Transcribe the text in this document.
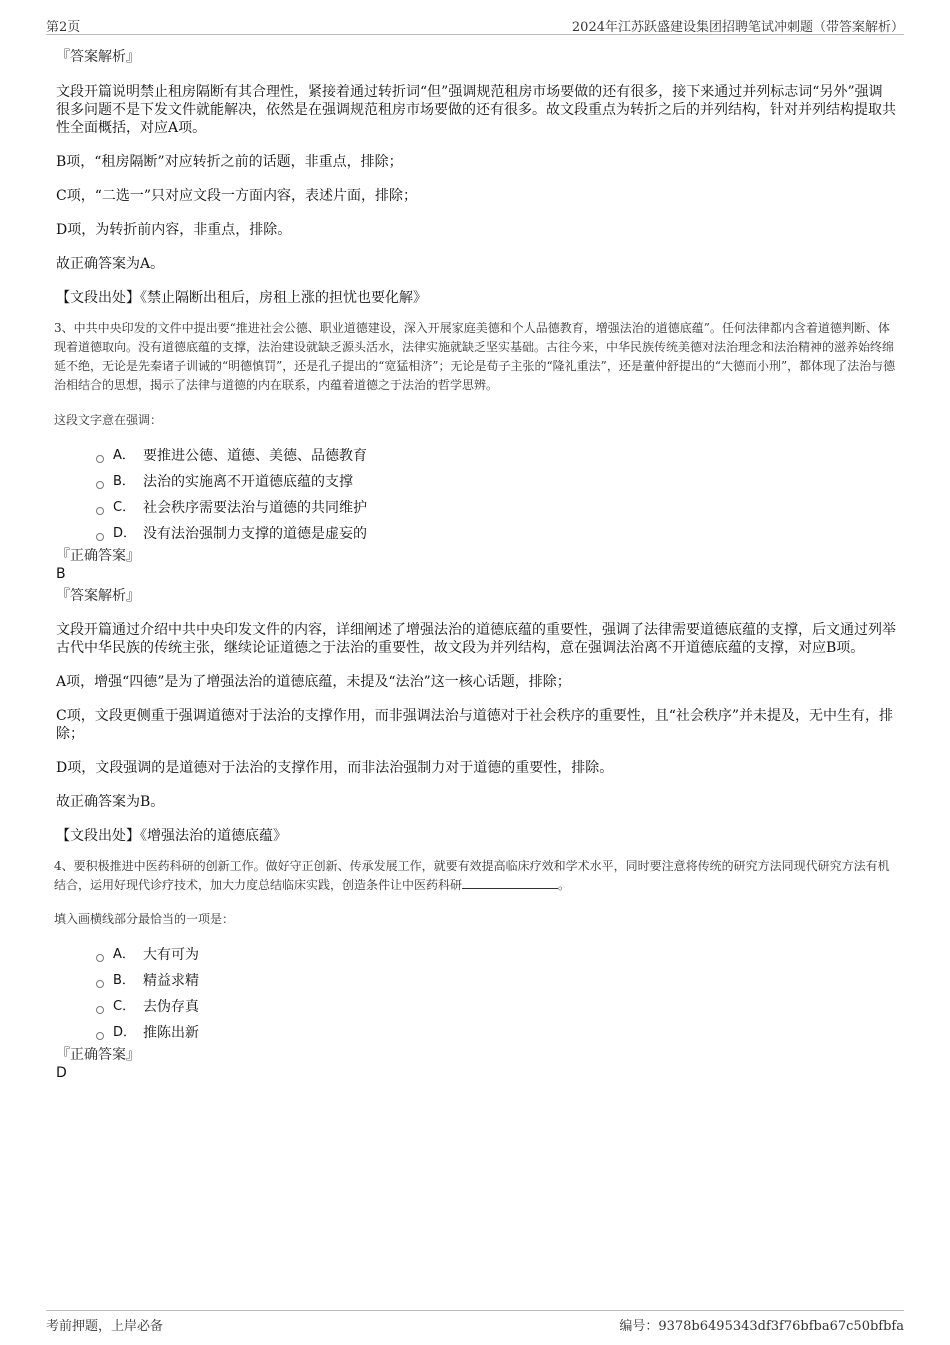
第2页	2024年江苏跃盛建设集团招聘笔试冲刺题（带答案解析）

『答案解析』

文段开篇说明禁止租房隔断有其合理性，紧接着通过转折词“但”强调规范租房市场要做的还有很多，接下来通过并列标志词“另外”强调很多问题不是下发文件就能解决，依然是在强调规范租房市场要做的还有很多。故文段重点为转折之后的并列结构，针对并列结构提取共性全面概括，对应A项。

B项，“租房隔断”对应转折之前的话题，非重点，排除；

C项，“二选一”只对应文段一方面内容，表述片面，排除；

D项，为转折前内容，非重点，排除。

故正确答案为A。

【文段出处】《禁止隔断出租后，房租上涨的担忧也要化解》

3、中共中央印发的文件中提出要“推进社会公德、职业道德建设，深入开展家庭美德和个人品德教育，增强法治的道德底蕴”。任何法律都内含着道德判断、体现着道德取向。没有道德底蕴的支撑，法治建设就缺乏源头活水，法律实施就缺乏坚实基础。古往今来，中华民族传统美德对法治理念和法治精神的滋养始终绵延不绝，无论是先秦诸子训诫的“明德慎罚”，还是孔子提出的“宽猛相济”；无论是荀子主张的“隆礼重法”，还是董仲舒提出的“大德而小刑”，都体现了法治与德治相结合的思想，揭示了法律与道德的内在联系，内蕴着道德之于法治的哲学思辨。

这段文字意在强调：

A． 要推进公德、道德、美德、品德教育
B． 法治的实施离不开道德底蕴的支撑
C． 社会秩序需要法治与道德的共同维护
D． 没有法治强制力支撑的道德是虚妄的

『正确答案』

B

『答案解析』

文段开篇通过介绍中共中央印发文件的内容，详细阐述了增强法治的道德底蕴的重要性，强调了法律需要道德底蕴的支撑，后文通过列举古代中华民族的传统主张，继续论证道德之于法治的重要性，故文段为并列结构，意在强调法治离不开道德底蕴的支撑，对应B项。

A项，增强“四德”是为了增强法治的道德底蕴，未提及“法治”这一核心话题，排除；

C项，文段更侧重于强调道德对于法治的支撑作用，而非强调法治与道德对于社会秩序的重要性，且“社会秩序”并未提及，无中生有，排除；

D项，文段强调的是道德对于法治的支撑作用，而非法治强制力对于道德的重要性，排除。

故正确答案为B。

【文段出处】《增强法治的道德底蕴》

4、要积极推进中医药科研的创新工作。做好守正创新、传承发展工作，就要有效提高临床疗效和学术水平，同时要注意将传统的研究方法同现代研究方法有机结合，运用好现代诊疗技术，加大力度总结临床实践，创造条件让中医药科研	。

填入画横线部分最恰当的一项是：

A． 大有可为
B． 精益求精
C． 去伪存真
D． 推陈出新

『正确答案』

D

考前押题，上岸必备	编号：9378b6495343df3f76bfba67c50bfbfa
